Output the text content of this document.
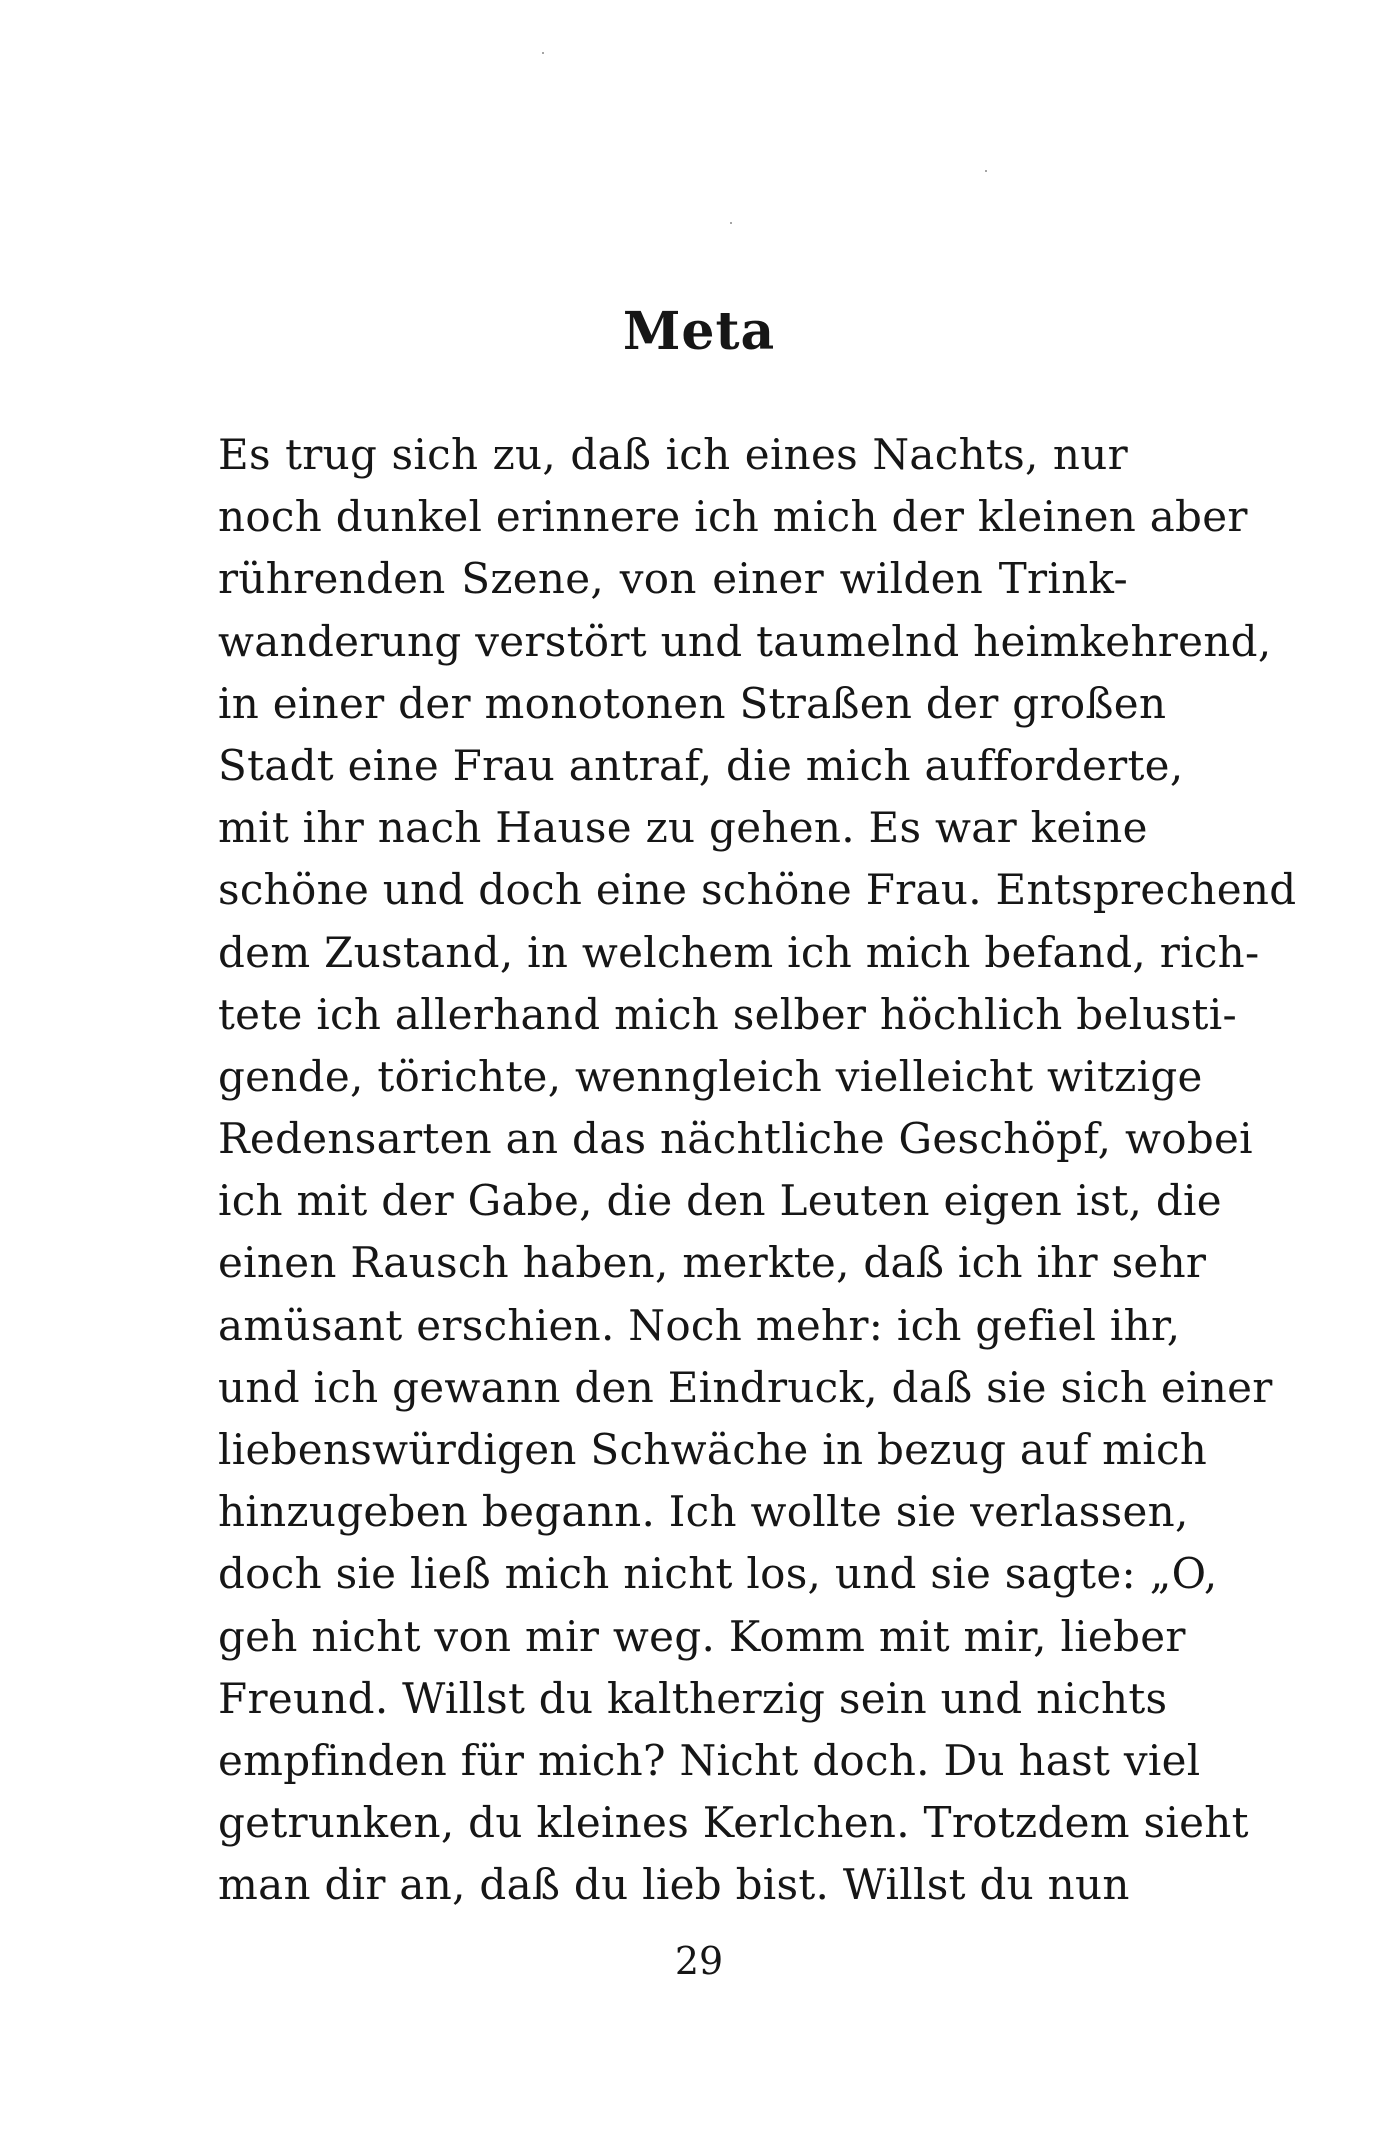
Meta
Es trug sich zu, daß ich eines Nachts, nur
noch dunkel erinnere ich mich der kleinen aber
rührenden Szene, von einer wilden Trink-
wanderung verstört und taumelnd heimkehrend,
in einer der monotonen Straßen der großen
Stadt eine Frau antraf, die mich aufforderte,
mit ihr nach Hause zu gehen. Es war keine
schöne und doch eine schöne Frau. Entsprechend
dem Zustand, in welchem ich mich befand, rich-
tete ich allerhand mich selber höchlich belusti-
gende, törichte, wenngleich vielleicht witzige
Redensarten an das nächtliche Geschöpf, wobei
ich mit der Gabe, die den Leuten eigen ist, die
einen Rausch haben, merkte, daß ich ihr sehr
amüsant erschien. Noch mehr: ich gefiel ihr,
und ich gewann den Eindruck, daß sie sich einer
liebenswürdigen Schwäche in bezug auf mich
hinzugeben begann. Ich wollte sie verlassen,
doch sie ließ mich nicht los, und sie sagte: „O,
geh nicht von mir weg. Komm mit mir, lieber
Freund. Willst du kaltherzig sein und nichts
empfinden für mich? Nicht doch. Du hast viel
getrunken, du kleines Kerlchen. Trotzdem sieht
man dir an, daß du lieb bist. Willst du nun
29
